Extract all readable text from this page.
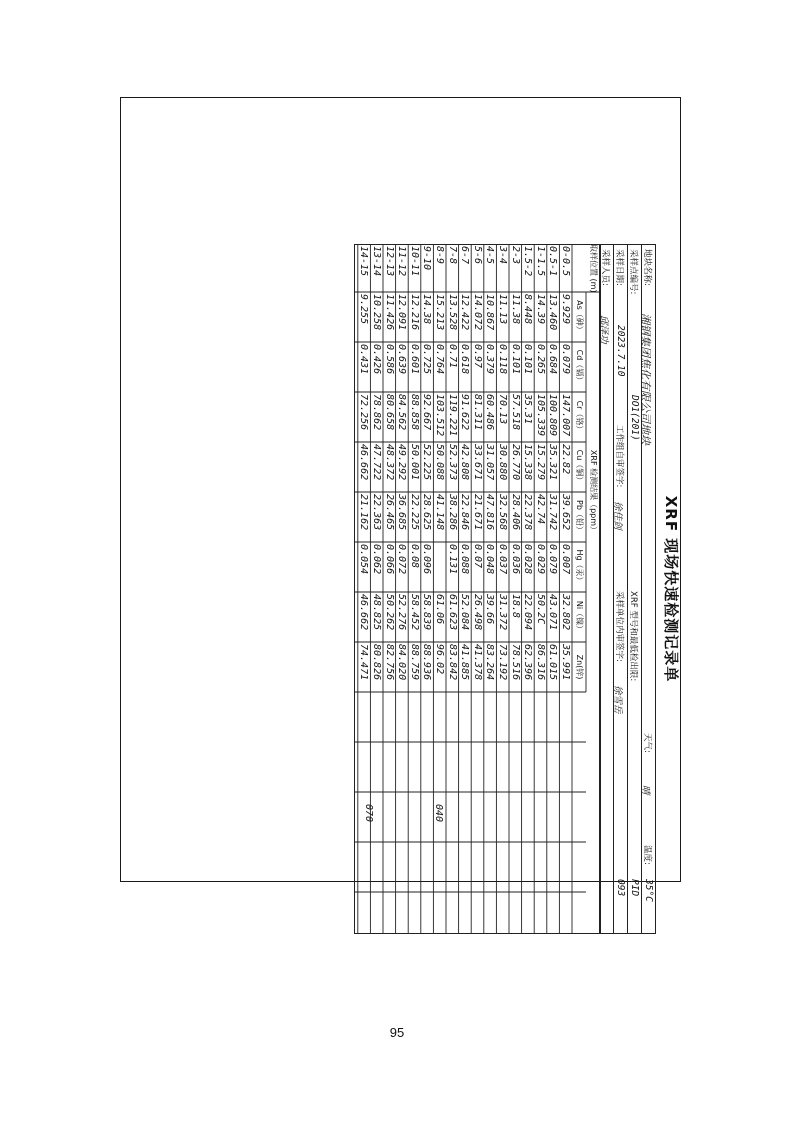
XRF 现场快速检测记录单
地块名称:
湘钢集团焦化有限公司地块
天气:
晴
温度:
35°C
采样点编号:
DO1(201)
XRF 型号和最低检出限:
PID
采样日期:
2023.7.10
工作组自审签字:
徐佳剑
采样单位内审签字:
徐雪岳
093
采样人员:
邱泽功
取样位置 (m)
XRF 检测结果（ppm）
As（砷）
Cd（镉）
Cr（铬）
Cu（铜）
Pb（铅）
Hg（汞）
Ni（镍）
Zn(锌)
0-0.5
9.929
0.079
147.007
22.82
39.652
0.007
32.802
35.991
0.5-1
13.460
0.684
100.809
35.321
31.742
0.079
43.071
61.015
1-1.5
14.39
0.265
105.339
15.279
42.74
0.029
50.2C
86.316
1.5-2
8.448
0.101
35.31
15.338
22.378
0.028
22.094
62.396
2-3
11.38
0.101
57.518
26.770
28.406
0.036
18.8
78.516
3-4
11.13
0.118
70.13
30.880
32.568
0.037
31.372
73.192
4-5
10.867
0.379
60.486
31.057
47.816
0.048
39.66
83.264
5-6
14.072
0.97
81.311
33.671
21.671
0.07
26.498
41.378
6-7
12.422
0.618
91.622
42.808
22.846
0.088
52.084
41.885
7-8
13.528
0.71
119.221
52.373
38.286
0.131
61.623
83.842
8-9
15.213
0.764
103.512
50.088
41.148
61.06
96.02
9-10
14.38
0.725
92.667
52.225
28.625
0.096
58.839
88.936
10-11
12.216
0.601
88.858
50.001
22.225
0.08
58.452
88.759
11-12
12.091
0.639
84.562
49.292
36.685
0.072
52.276
84.020
12-13
11.426
0.586
80.658
48.372
26.465
0.066
50.262
82.756
13-14
10.258
0.426
78.862
47.722
22.363
0.062
48.825
80.826
14-15
9.255
0.431
72.256
46.662
21.162
0.054
46.662
74.471
040
070
95
